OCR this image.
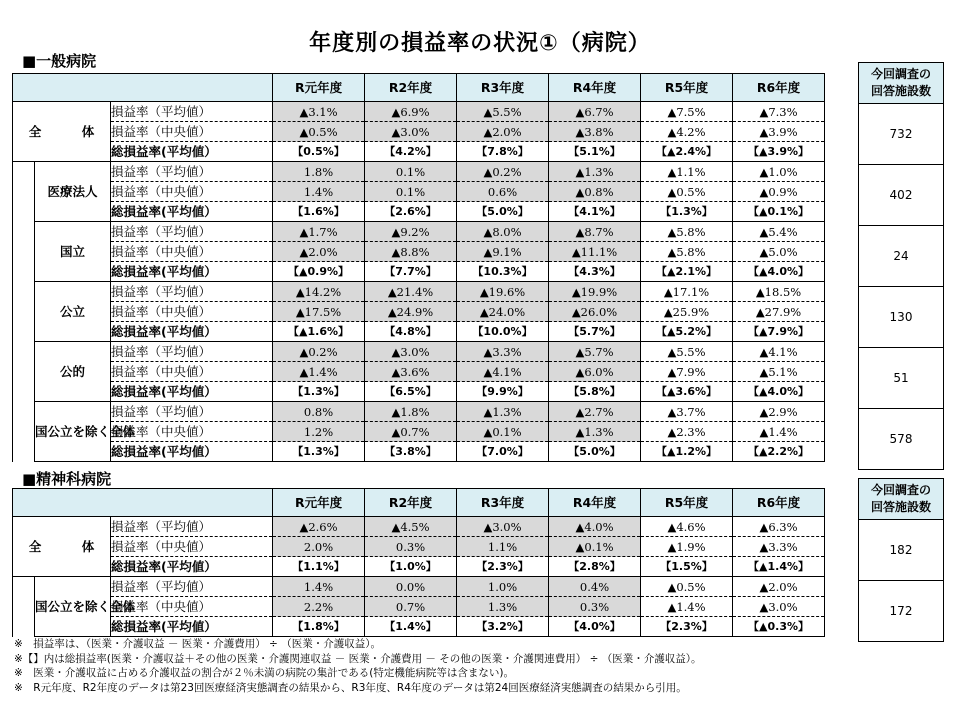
年度別の損益率の状況①（病院）
■一般病院
			R元年度	R2年度	R3年度	R4年度	R5年度	R6年度
全　体		損益率（平均値）	▲3.1%	▲6.9%	▲5.5%	▲6.7%	▲7.5%	▲7.3%
		損益率（中央値）	▲0.5%	▲3.0%	▲2.0%	▲3.8%	▲4.2%	▲3.9%
		総損益率(平均値）	【0.5%】	【4.2%】	【7.8%】	【5.1%】	【▲2.4%】	【▲3.9%】
	医療法人	損益率（平均値）	1.8%	0.1%	▲0.2%	▲1.3%	▲1.1%	▲1.0%
		損益率（中央値）	1.4%	0.1%	0.6%	▲0.8%	▲0.5%	▲0.9%
		総損益率(平均値）	【1.6%】	【2.6%】	【5.0%】	【4.1%】	【1.3%】	【▲0.1%】
	国立	損益率（平均値）	▲1.7%	▲9.2%	▲8.0%	▲8.7%	▲5.8%	▲5.4%
		損益率（中央値）	▲2.0%	▲8.8%	▲9.1%	▲11.1%	▲5.8%	▲5.0%
		総損益率(平均値）	【▲0.9%】	【7.7%】	【10.3%】	【4.3%】	【▲2.1%】	【▲4.0%】
	公立	損益率（平均値）	▲14.2%	▲21.4%	▲19.6%	▲19.9%	▲17.1%	▲18.5%
		損益率（中央値）	▲17.5%	▲24.9%	▲24.0%	▲26.0%	▲25.9%	▲27.9%
		総損益率(平均値）	【▲1.6%】	【4.8%】	【10.0%】	【5.7%】	【▲5.2%】	【▲7.9%】
	公的	損益率（平均値）	▲0.2%	▲3.0%	▲3.3%	▲5.7%	▲5.5%	▲4.1%
		損益率（中央値）	▲1.4%	▲3.6%	▲4.1%	▲6.0%	▲7.9%	▲5.1%
		総損益率(平均値）	【1.3%】	【6.5%】	【9.9%】	【5.8%】	【▲3.6%】	【▲4.0%】
	国公立を除く全体	損益率（平均値）	0.8%	▲1.8%	▲1.3%	▲2.7%	▲3.7%	▲2.9%
		損益率（中央値）	1.2%	▲0.7%	▲0.1%	▲1.3%	▲2.3%	▲1.4%
		総損益率(平均値）	【1.3%】	【3.8%】	【7.0%】	【5.0%】	【▲1.2%】	【▲2.2%】
今回調査の
回答施設数

732
402
24
130
51
578
■精神科病院
			R元年度	R2年度	R3年度	R4年度	R5年度	R6年度
全　体		損益率（平均値）	▲2.6%	▲4.5%	▲3.0%	▲4.0%	▲4.6%	▲6.3%
		損益率（中央値）	2.0%	0.3%	1.1%	▲0.1%	▲1.9%	▲3.3%
		総損益率(平均値）	【1.1%】	【1.0%】	【2.3%】	【2.8%】	【1.5%】	【▲1.4%】
	国公立を除く全体	損益率（平均値）	1.4%	0.0%	1.0%	0.4%	▲0.5%	▲2.0%
		損益率（中央値）	2.2%	0.7%	1.3%	0.3%	▲1.4%	▲3.0%
		総損益率(平均値）	【1.8%】	【1.4%】	【3.2%】	【4.0%】	【2.3%】	【▲0.3%】
今回調査の
回答施設数

182
172
※　損益率は、（医業・介護収益 － 医業・介護費用） ÷ （医業・介護収益）。
※【】内は総損益率(医業・介護収益＋その他の医業・介護関連収益 － 医業・介護費用 － その他の医業・介護関連費用） ÷ （医業・介護収益）。
※　医業・介護収益に占める介護収益の割合が２％未満の病院の集計である(特定機能病院等は含まない)。
※　R元年度、R2年度のデータは第23回医療経済実態調査の結果から、R3年度、R4年度のデータは第24回医療経済実態調査の結果から引用。
